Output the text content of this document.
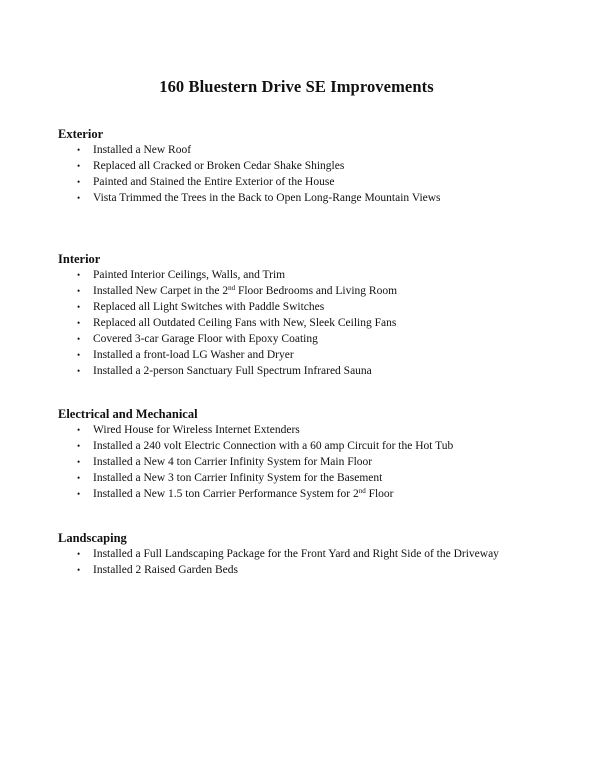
160 Bluestern Drive SE Improvements
Exterior
• Installed a New Roof
• Replaced all Cracked or Broken Cedar Shake Shingles
• Painted and Stained the Entire Exterior of the House
• Vista Trimmed the Trees in the Back to Open Long-Range Mountain Views
Interior
• Painted Interior Ceilings, Walls, and Trim
• Installed New Carpet in the 2nd Floor Bedrooms and Living Room
• Replaced all Light Switches with Paddle Switches
• Replaced all Outdated Ceiling Fans with New, Sleek Ceiling Fans
• Covered 3-car Garage Floor with Epoxy Coating
• Installed a front-load LG Washer and Dryer
• Installed a 2-person Sanctuary Full Spectrum Infrared Sauna
Electrical and Mechanical
• Wired House for Wireless Internet Extenders
• Installed a 240 volt Electric Connection with a 60 amp Circuit for the Hot Tub
• Installed a New 4 ton Carrier Infinity System for Main Floor
• Installed a New 3 ton Carrier Infinity System for the Basement
• Installed a New 1.5 ton Carrier Performance System for 2nd Floor
Landscaping
• Installed a Full Landscaping Package for the Front Yard and Right Side of the Driveway
• Installed 2 Raised Garden Beds
